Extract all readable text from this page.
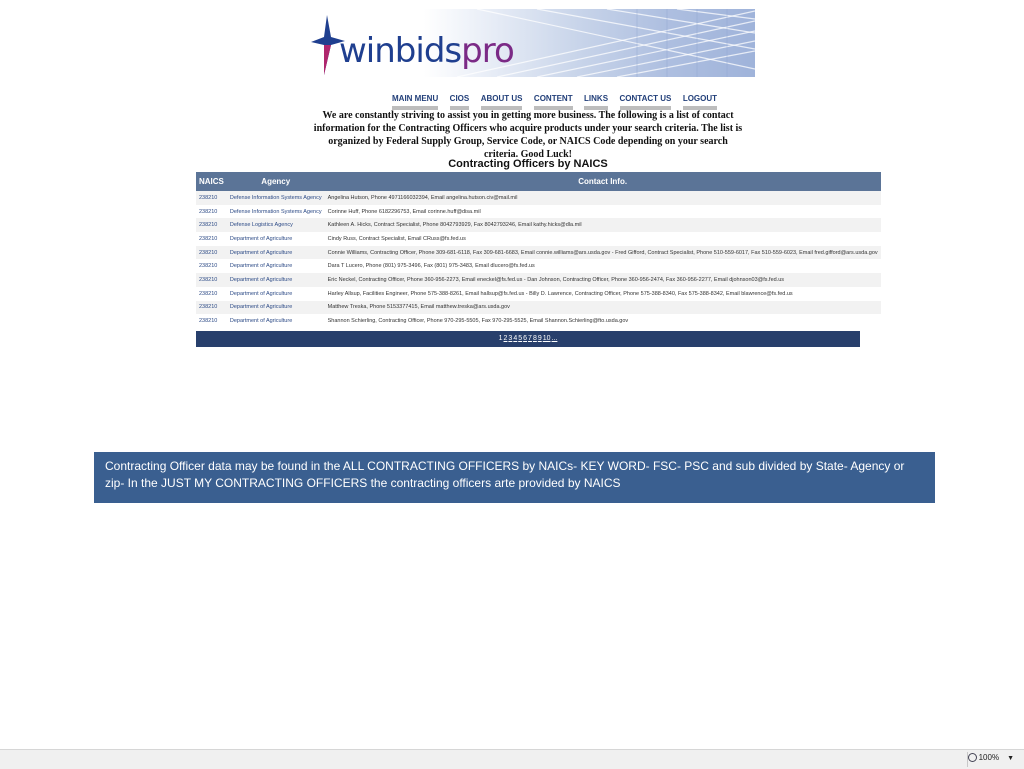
winbidspro
MAIN MENU CIOS ABOUT US CONTENT LINKS CONTACT US LOGOUT
We are constantly striving to assist you in getting more business. The following is a list of contact information for the Contracting Officers who acquire products under your search criteria. The list is organized by Federal Supply Group, Service Code, or NAICS Code depending on your search criteria. Good Luck!
Contracting Officers by NAICS
NAICS	Agency	Contact Info.
238210	Defense Information Systems Agency	Angelina Hutson, Phone 4971166032394, Email angelina.hutson.civ@mail.mil
238210	Defense Information Systems Agency	Corinne Huff, Phone 6182296753, Email corinne.huff@disa.mil
238210	Defense Logistics Agency	Kathleen A. Hicks, Contract Specialist, Phone 8042793929, Fax 8042793246, Email kathy.hicks@dla.mil
238210	Department of Agriculture	Cindy Russ, Contract Specialist, Email CRuss@fs.fed.us
238210	Department of Agriculture	Connie Williams, Contracting Officer, Phone 309-681-6118, Fax 309-681-6683, Email connie.williams@ars.usda.gov - Fred Gifford, Contract Specialist, Phone 510-559-6017, Fax 510-559-6023, Email fred.gifford@ars.usda.gov
238210	Department of Agriculture	Dara T Lucero, Phone (801) 975-3496, Fax (801) 975-3483, Email dlucero@fs.fed.us
238210	Department of Agriculture	Eric Neckel, Contracting Officer, Phone 360-956-2273, Email eneckel@fs.fed.us - Dan Johnson, Contracting Officer, Phone 360-956-2474, Fax 360-956-2277, Email djohnson03@fs.fed.us
238210	Department of Agriculture	Harley Allsup, Facilities Engineer, Phone 575-388-8261, Email hallsup@fs.fed.us - Billy D. Lawrence, Contracting Officer, Phone 575-388-8340, Fax 575-388-8342, Email blawrence@fs.fed.us
238210	Department of Agriculture	Matthew Treska, Phone 5153377415, Email matthew.treska@ars.usda.gov
238210	Department of Agriculture	Shannon Schierling, Contracting Officer, Phone 970-295-5505, Fax 970-295-5525, Email Shannon.Schierling@fto.usda.gov
12345678910...
Contracting Officer data may be found in the ALL CONTRACTING OFFICERS by NAICs- KEY WORD- FSC- PSC and sub divided by State- Agency or zip- In the JUST MY CONTRACTING OFFICERS the contracting officers arte provided by NAICS
100% ▼
